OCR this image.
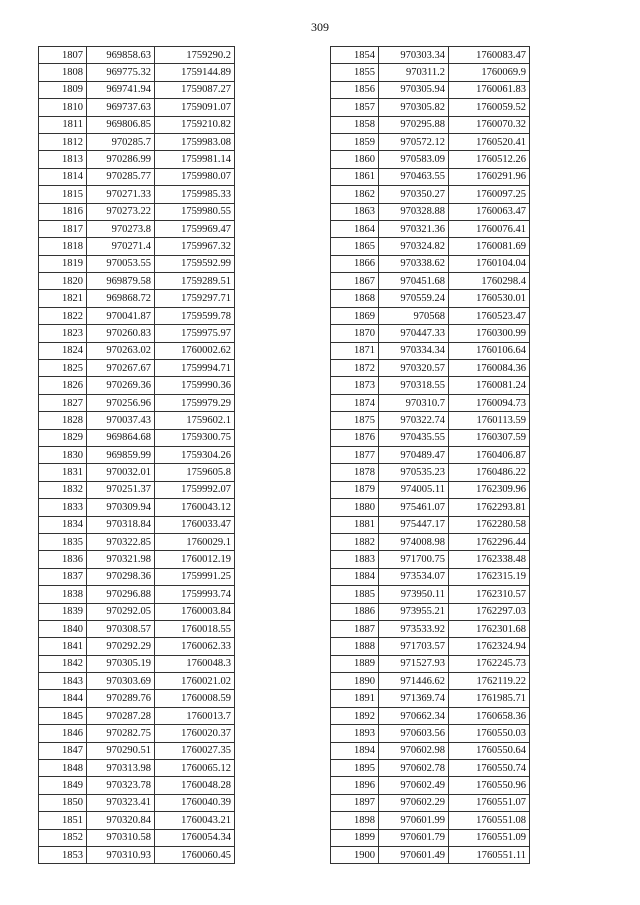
309
1807	969858.63	1759290.2
1808	969775.32	1759144.89
1809	969741.94	1759087.27
1810	969737.63	1759091.07
1811	969806.85	1759210.82
1812	970285.7	1759983.08
1813	970286.99	1759981.14
1814	970285.77	1759980.07
1815	970271.33	1759985.33
1816	970273.22	1759980.55
1817	970273.8	1759969.47
1818	970271.4	1759967.32
1819	970053.55	1759592.99
1820	969879.58	1759289.51
1821	969868.72	1759297.71
1822	970041.87	1759599.78
1823	970260.83	1759975.97
1824	970263.02	1760002.62
1825	970267.67	1759994.71
1826	970269.36	1759990.36
1827	970256.96	1759979.29
1828	970037.43	1759602.1
1829	969864.68	1759300.75
1830	969859.99	1759304.26
1831	970032.01	1759605.8
1832	970251.37	1759992.07
1833	970309.94	1760043.12
1834	970318.84	1760033.47
1835	970322.85	1760029.1
1836	970321.98	1760012.19
1837	970298.36	1759991.25
1838	970296.88	1759993.74
1839	970292.05	1760003.84
1840	970308.57	1760018.55
1841	970292.29	1760062.33
1842	970305.19	1760048.3
1843	970303.69	1760021.02
1844	970289.76	1760008.59
1845	970287.28	1760013.7
1846	970282.75	1760020.37
1847	970290.51	1760027.35
1848	970313.98	1760065.12
1849	970323.78	1760048.28
1850	970323.41	1760040.39
1851	970320.84	1760043.21
1852	970310.58	1760054.34
1853	970310.93	1760060.45
1854	970303.34	1760083.47
1855	970311.2	1760069.9
1856	970305.94	1760061.83
1857	970305.82	1760059.52
1858	970295.88	1760070.32
1859	970572.12	1760520.41
1860	970583.09	1760512.26
1861	970463.55	1760291.96
1862	970350.27	1760097.25
1863	970328.88	1760063.47
1864	970321.36	1760076.41
1865	970324.82	1760081.69
1866	970338.62	1760104.04
1867	970451.68	1760298.4
1868	970559.24	1760530.01
1869	970568	1760523.47
1870	970447.33	1760300.99
1871	970334.34	1760106.64
1872	970320.57	1760084.36
1873	970318.55	1760081.24
1874	970310.7	1760094.73
1875	970322.74	1760113.59
1876	970435.55	1760307.59
1877	970489.47	1760406.87
1878	970535.23	1760486.22
1879	974005.11	1762309.96
1880	975461.07	1762293.81
1881	975447.17	1762280.58
1882	974008.98	1762296.44
1883	971700.75	1762338.48
1884	973534.07	1762315.19
1885	973950.11	1762310.57
1886	973955.21	1762297.03
1887	973533.92	1762301.68
1888	971703.57	1762324.94
1889	971527.93	1762245.73
1890	971446.62	1762119.22
1891	971369.74	1761985.71
1892	970662.34	1760658.36
1893	970603.56	1760550.03
1894	970602.98	1760550.64
1895	970602.78	1760550.74
1896	970602.49	1760550.96
1897	970602.29	1760551.07
1898	970601.99	1760551.08
1899	970601.79	1760551.09
1900	970601.49	1760551.11
